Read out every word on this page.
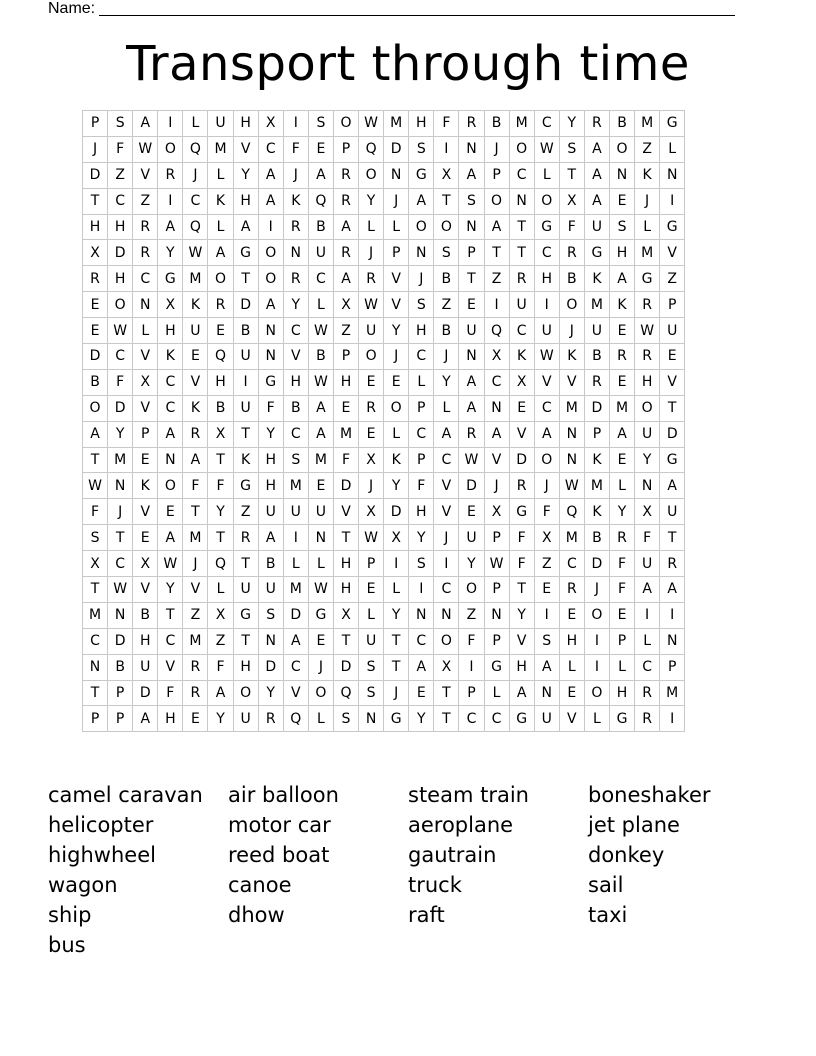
Name:
Transport through time
P	S	A	I	L	U	H	X	I	S	O	W	M	H	F	R	B	M	C	Y	R	B	M	G
J	F	W	O	Q	M	V	C	F	E	P	Q	D	S	I	N	J	O	W	S	A	O	Z	L
D	Z	V	R	J	L	Y	A	J	A	R	O	N	G	X	A	P	C	L	T	A	N	K	N
T	C	Z	I	C	K	H	A	K	Q	R	Y	J	A	T	S	O	N	O	X	A	E	J	I
H	H	R	A	Q	L	A	I	R	B	A	L	L	O	O	N	A	T	G	F	U	S	L	G
X	D	R	Y	W	A	G	O	N	U	R	J	P	N	S	P	T	T	C	R	G	H	M	V
R	H	C	G	M	O	T	O	R	C	A	R	V	J	B	T	Z	R	H	B	K	A	G	Z
E	O	N	X	K	R	D	A	Y	L	X	W	V	S	Z	E	I	U	I	O	M	K	R	P
E	W	L	H	U	E	B	N	C	W	Z	U	Y	H	B	U	Q	C	U	J	U	E	W	U
D	C	V	K	E	Q	U	N	V	B	P	O	J	C	J	N	X	K	W	K	B	R	R	E
B	F	X	C	V	H	I	G	H	W	H	E	E	L	Y	A	C	X	V	V	R	E	H	V
O	D	V	C	K	B	U	F	B	A	E	R	O	P	L	A	N	E	C	M	D	M	O	T
A	Y	P	A	R	X	T	Y	C	A	M	E	L	C	A	R	A	V	A	N	P	A	U	D
T	M	E	N	A	T	K	H	S	M	F	X	K	P	C	W	V	D	O	N	K	E	Y	G
W	N	K	O	F	F	G	H	M	E	D	J	Y	F	V	D	J	R	J	W	M	L	N	A
F	J	V	E	T	Y	Z	U	U	U	V	X	D	H	V	E	X	G	F	Q	K	Y	X	U
S	T	E	A	M	T	R	A	I	N	T	W	X	Y	J	U	P	F	X	M	B	R	F	T
X	C	X	W	J	Q	T	B	L	L	H	P	I	S	I	Y	W	F	Z	C	D	F	U	R
T	W	V	Y	V	L	U	U	M	W	H	E	L	I	C	O	P	T	E	R	J	F	A	A
M	N	B	T	Z	X	G	S	D	G	X	L	Y	N	N	Z	N	Y	I	E	O	E	I	I
C	D	H	C	M	Z	T	N	A	E	T	U	T	C	O	F	P	V	S	H	I	P	L	N
N	B	U	V	R	F	H	D	C	J	D	S	T	A	X	I	G	H	A	L	I	L	C	P
T	P	D	F	R	A	O	Y	V	O	Q	S	J	E	T	P	L	A	N	E	O	H	R	M
P	P	A	H	E	Y	U	R	Q	L	S	N	G	Y	T	C	C	G	U	V	L	G	R	I
camel caravan	air balloon	steam train	boneshaker
helicopter	motor car	aeroplane	jet plane
highwheel	reed boat	gautrain	donkey
wagon	canoe	truck	sail
ship	dhow	raft	taxi
bus
